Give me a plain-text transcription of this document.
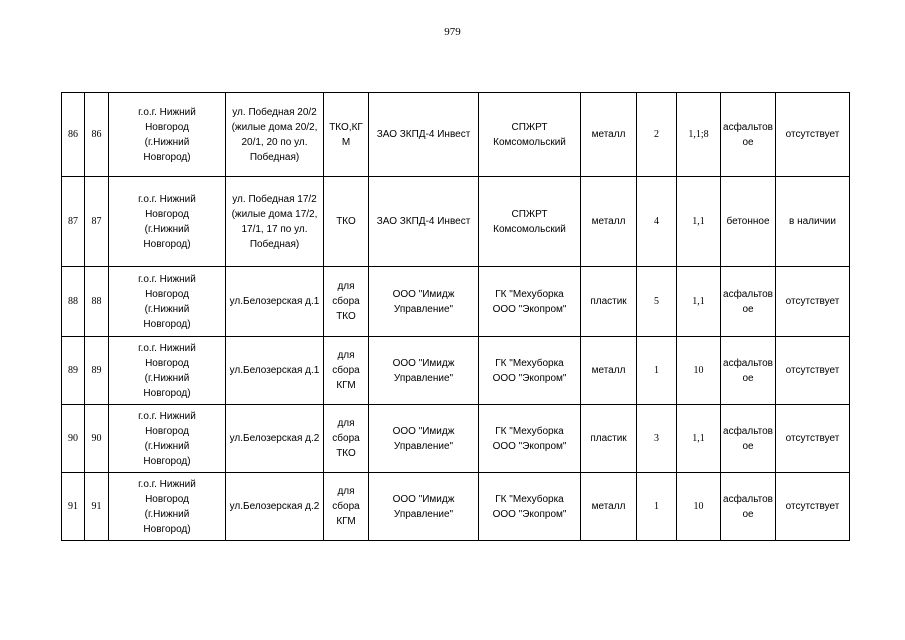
979
86	86	г.о.г. Нижний
Новгород
(г.Нижний
Новгород)	ул. Победная 20/2
(жилые дома 20/2,
20/1, 20 по ул.
Победная)	ТКО,КГ
М	ЗАО ЗКПД-4 Инвест	СПЖРТ
Комсомольский	металл	2	1,1;8	асфальтов
ое	отсутствует

87	87	г.о.г. Нижний
Новгород
(г.Нижний
Новгород)	ул. Победная 17/2
(жилые дома 17/2,
17/1, 17 по ул.
Победная)	ТКО	ЗАО ЗКПД-4 Инвест	СПЖРТ
Комсомольский	металл	4	1,1	бетонное	в наличии

88	88	г.о.г. Нижний
Новгород
(г.Нижний
Новгород)	ул.Белозерская д.1	для
сбора
ТКО	ООО "Имидж
Управление"	ГК "Мехуборка
ООО "Экопром"	пластик	5	1,1	асфальтов
ое	отсутствует

89	89	г.о.г. Нижний
Новгород
(г.Нижний
Новгород)	ул.Белозерская д.1	для
сбора
КГМ	ООО "Имидж
Управление"	ГК "Мехуборка
ООО "Экопром"	металл	1	10	асфальтов
ое	отсутствует

90	90	г.о.г. Нижний
Новгород
(г.Нижний
Новгород)	ул.Белозерская д.2	для
сбора
ТКО	ООО "Имидж
Управление"	ГК "Мехуборка
ООО "Экопром"	пластик	3	1,1	асфальтов
ое	отсутствует

91	91	г.о.г. Нижний
Новгород
(г.Нижний
Новгород)	ул.Белозерская д.2	для
сбора
КГМ	ООО "Имидж
Управление"	ГК "Мехуборка
ООО "Экопром"	металл	1	10	асфальтов
ое	отсутствует
